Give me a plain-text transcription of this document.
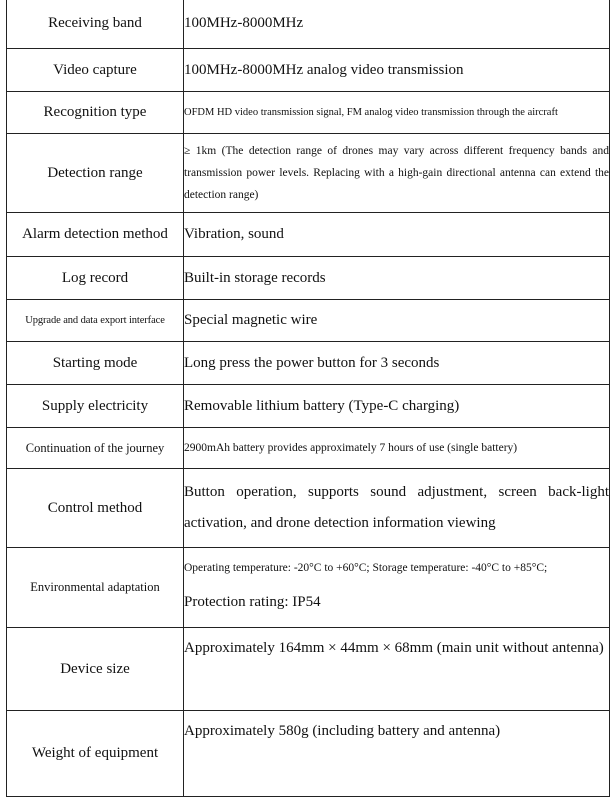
Receiving band	100MHz-8000MHz
Video capture	100MHz-8000MHz analog video transmission
Recognition type	OFDM HD video transmission signal, FM analog video transmission through the aircraft
Detection range	≥ 1km (The detection range of drones may vary across different frequency bands and transmission power levels. Replacing with a high-gain directional antenna can extend the detection range)

Alarm detection method	Vibration, sound
Log record	Built-in storage records
Upgrade and data export interface	Special magnetic wire
Starting mode	Long press the power button for 3 seconds
Supply electricity	Removable lithium battery (Type-C charging)
Continuation of the journey	2900mAh battery provides approximately 7 hours of use (single battery)
Control method	Button operation, supports sound adjustment, screen back-light activation, and drone detection information viewing

Environmental adaptation	Operating temperature: -20°C to +60°C; Storage temperature: -40°C to +85°C;
Protection rating: IP54

Device size	Approximately 164mm × 44mm × 68mm (main unit without antenna)
Weight of equipment	Approximately 580g (including battery and antenna)
